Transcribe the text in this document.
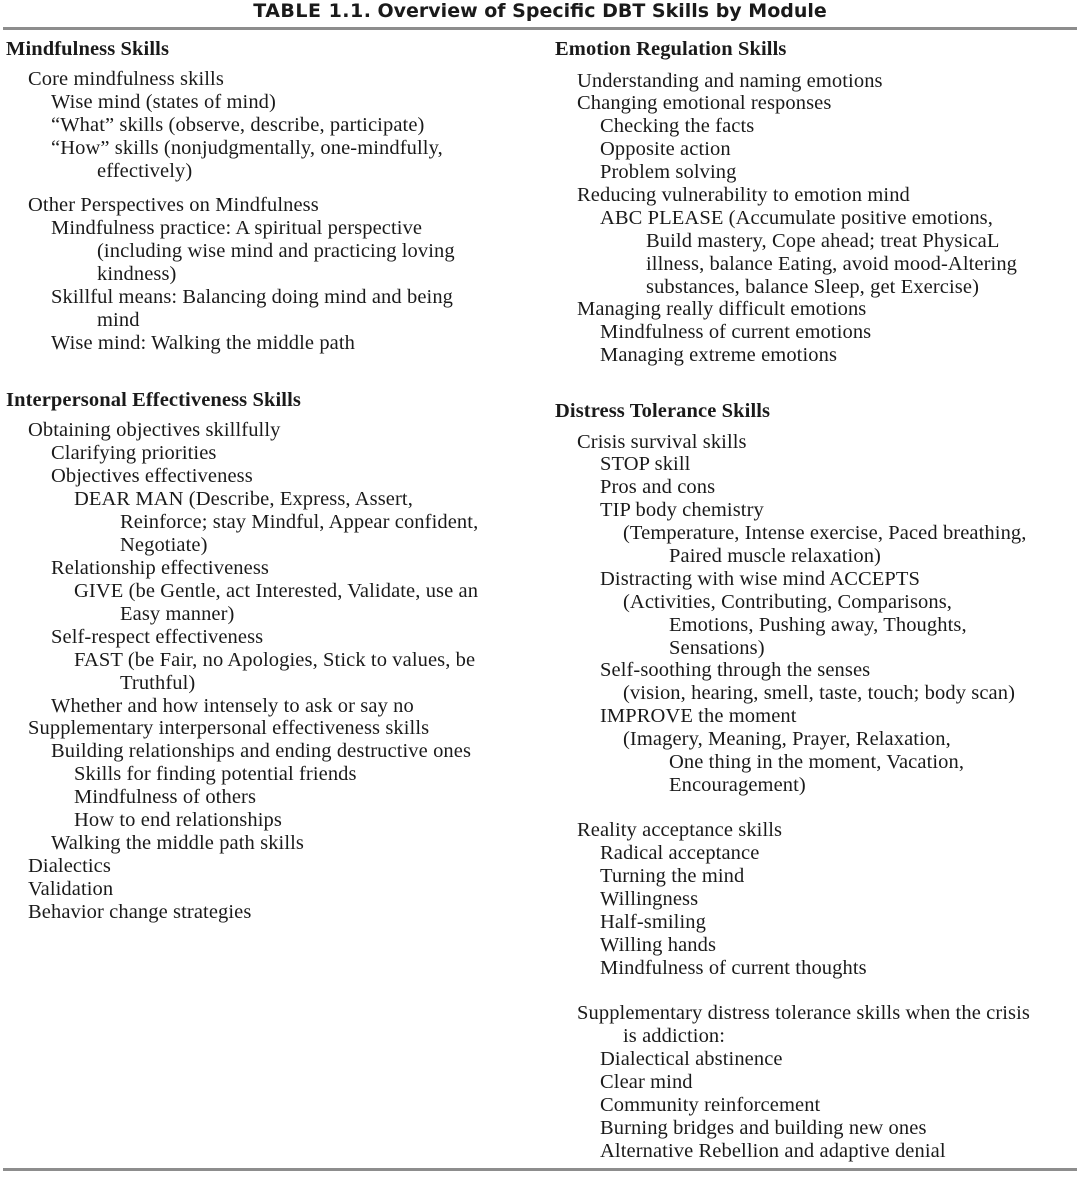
TABLE 1.1. Overview of Specific DBT Skills by Module
Mindfulness Skills
Core mindfulness skills
Wise mind (states of mind)
“What” skills (observe, describe, participate)
“How” skills (nonjudgmentally, one-mindfully,
effectively)
Other Perspectives on Mindfulness
Mindfulness practice: A spiritual perspective
(including wise mind and practicing loving
kindness)
Skillful means: Balancing doing mind and being
mind
Wise mind: Walking the middle path
Interpersonal Effectiveness Skills
Obtaining objectives skillfully
Clarifying priorities
Objectives effectiveness
DEAR MAN (Describe, Express, Assert,
Reinforce; stay Mindful, Appear confident,
Negotiate)
Relationship effectiveness
GIVE (be Gentle, act Interested, Validate, use an
Easy manner)
Self-respect effectiveness
FAST (be Fair, no Apologies, Stick to values, be
Truthful)
Whether and how intensely to ask or say no
Supplementary interpersonal effectiveness skills
Building relationships and ending destructive ones
Skills for finding potential friends
Mindfulness of others
How to end relationships
Walking the middle path skills
Dialectics
Validation
Behavior change strategies
Emotion Regulation Skills
Understanding and naming emotions
Changing emotional responses
Checking the facts
Opposite action
Problem solving
Reducing vulnerability to emotion mind
ABC PLEASE (Accumulate positive emotions,
Build mastery, Cope ahead; treat PhysicaL
illness, balance Eating, avoid mood-Altering
substances, balance Sleep, get Exercise)
Managing really difficult emotions
Mindfulness of current emotions
Managing extreme emotions
Distress Tolerance Skills
Crisis survival skills
STOP skill
Pros and cons
TIP body chemistry
(Temperature, Intense exercise, Paced breathing,
Paired muscle relaxation)
Distracting with wise mind ACCEPTS
(Activities, Contributing, Comparisons,
Emotions, Pushing away, Thoughts,
Sensations)
Self-soothing through the senses
(vision, hearing, smell, taste, touch; body scan)
IMPROVE the moment
(Imagery, Meaning, Prayer, Relaxation,
One thing in the moment, Vacation,
Encouragement)
Reality acceptance skills
Radical acceptance
Turning the mind
Willingness
Half-smiling
Willing hands
Mindfulness of current thoughts
Supplementary distress tolerance skills when the crisis
is addiction:
Dialectical abstinence
Clear mind
Community reinforcement
Burning bridges and building new ones
Alternative Rebellion and adaptive denial
